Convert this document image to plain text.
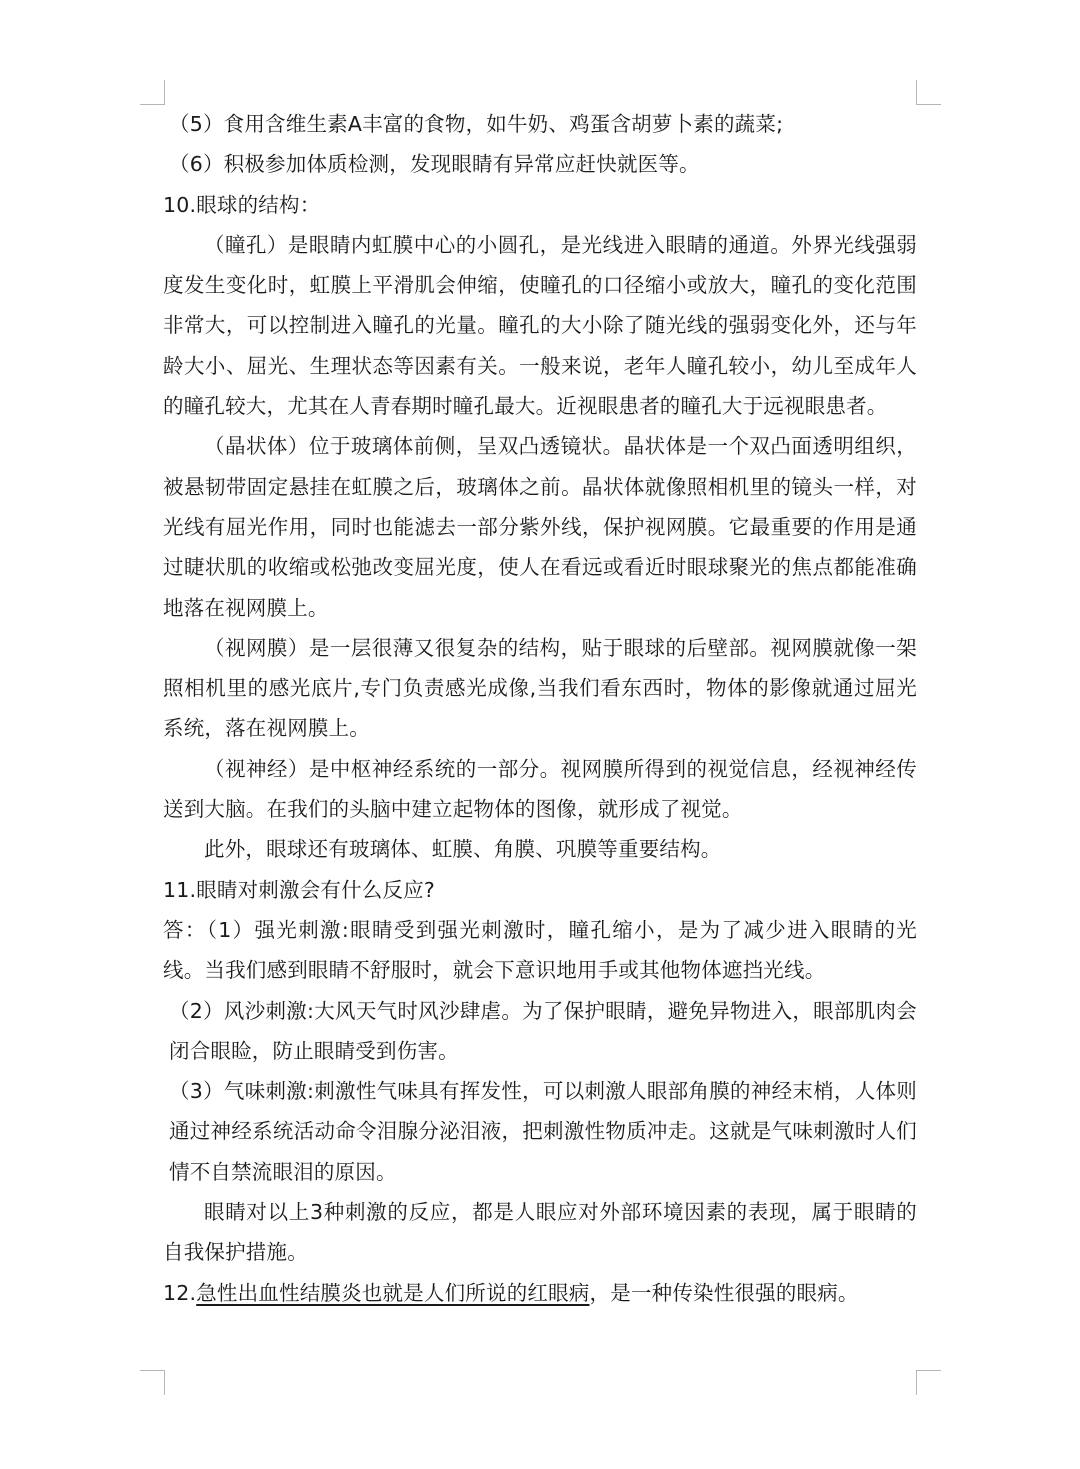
（5）食用含维生素A丰富的食物，如牛奶、鸡蛋含胡萝卜素的蔬菜;

（6）积极参加体质检测，发现眼睛有异常应赶快就医等。

10.眼球的结构：

（瞳孔）是眼睛内虹膜中心的小圆孔，是光线进入眼睛的通道。外界光线强弱度发生变化时，虹膜上平滑肌会伸缩，使瞳孔的口径缩小或放大，瞳孔的变化范围非常大，可以控制进入瞳孔的光量。瞳孔的大小除了随光线的强弱变化外，还与年龄大小、屈光、生理状态等因素有关。一般来说，老年人瞳孔较小，幼儿至成年人的瞳孔较大，尤其在人青春期时瞳孔最大。近视眼患者的瞳孔大于远视眼患者。

（晶状体）位于玻璃体前侧，呈双凸透镜状。晶状体是一个双凸面透明组织，被悬韧带固定悬挂在虹膜之后，玻璃体之前。晶状体就像照相机里的镜头一样，对光线有屈光作用，同时也能滤去一部分紫外线，保护视网膜。它最重要的作用是通过睫状肌的收缩或松弛改变屈光度，使人在看远或看近时眼球聚光的焦点都能准确地落在视网膜上。

（视网膜）是一层很薄又很复杂的结构，贴于眼球的后壁部。视网膜就像一架照相机里的感光底片,专门负责感光成像,当我们看东西时，物体的影像就通过屈光系统，落在视网膜上。

（视神经）是中枢神经系统的一部分。视网膜所得到的视觉信息，经视神经传送到大脑。在我们的头脑中建立起物体的图像，就形成了视觉。

此外，眼球还有玻璃体、虹膜、角膜、巩膜等重要结构。

11.眼睛对刺激会有什么反应?

答：（1）强光刺激:眼睛受到强光刺激时，瞳孔缩小，是为了减少进入眼睛的光线。当我们感到眼睛不舒服时，就会下意识地用手或其他物体遮挡光线。

（2）风沙刺激:大风天气时风沙肆虐。为了保护眼睛，避免异物进入，眼部肌肉会闭合眼睑，防止眼睛受到伤害。

（3）气味刺激:刺激性气味具有挥发性，可以刺激人眼部角膜的神经末梢，人体则通过神经系统活动命令泪腺分泌泪液，把刺激性物质冲走。这就是气味刺激时人们情不自禁流眼泪的原因。

眼睛对以上3种刺激的反应，都是人眼应对外部环境因素的表现，属于眼睛的自我保护措施。

12.急性出血性结膜炎也就是人们所说的红眼病，是一种传染性很强的眼病。
